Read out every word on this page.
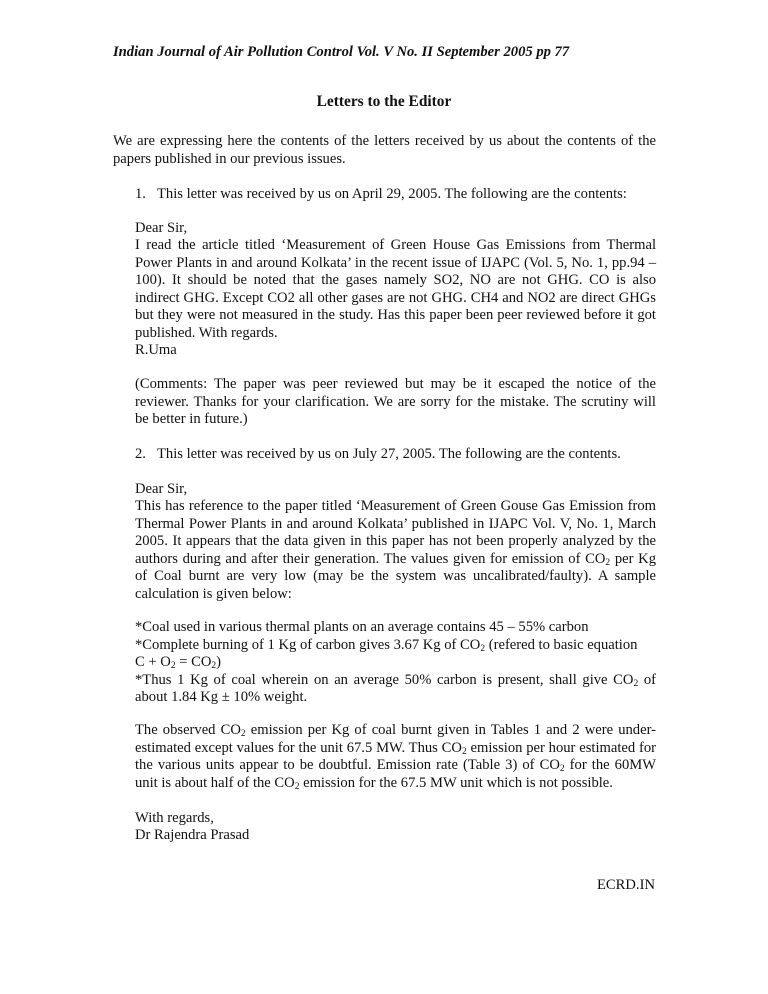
Indian Journal of Air Pollution Control Vol. V No. II September 2005 pp 77
Letters to the Editor

We are expressing here the contents of the letters received by us about the contents of the papers published in our previous issues.

1. This letter was received by us on April 29, 2005. The following are the contents:

Dear Sir,

I read the article titled ‘Measurement of Green House Gas Emissions from Thermal Power Plants in and around Kolkata’ in the recent issue of IJAPC (Vol. 5, No. 1, pp.94 – 100). It should be noted that the gases namely SO2, NO are not GHG. CO is also indirect GHG. Except CO2 all other gases are not GHG. CH4 and NO2 are direct GHGs but they were not measured in the study. Has this paper been peer reviewed before it got published. With regards.

R.Uma

(Comments: The paper was peer reviewed but may be it escaped the notice of the reviewer. Thanks for your clarification. We are sorry for the mistake. The scrutiny will be better in future.)

2. This letter was received by us on July 27, 2005. The following are the contents.

Dear Sir,

This has reference to the paper titled ‘Measurement of Green Gouse Gas Emission from Thermal Power Plants in and around Kolkata’ published in IJAPC Vol. V, No. 1, March 2005. It appears that the data given in this paper has not been properly analyzed by the authors during and after their generation. The values given for emission of $CO_2$ per Kg of Coal burnt are very low (may be the system was uncalibrated/faulty). A sample calculation is given below:

*Coal used in various thermal plants on an average contains 45 – 55% carbon
*Complete burning of 1 Kg of carbon gives 3.67 Kg of $CO_2$ (refered to basic equation
$C + O_2 = CO_2$)
*Thus 1 Kg of coal wherein on an average 50% carbon is present, shall give $CO_2$ of about 1.84 Kg ± 10% weight.

The observed $CO_2$ emission per Kg of coal burnt given in Tables 1 and 2 were under-estimated except values for the unit 67.5 MW. Thus $CO_2$ emission per hour estimated for the various units appear to be doubtful. Emission rate (Table 3) of $CO_2$ for the 60MW unit is about half of the $CO_2$ emission for the 67.5 MW unit which is not possible.

With regards,

Dr Rajendra Prasad

ECRD.IN
